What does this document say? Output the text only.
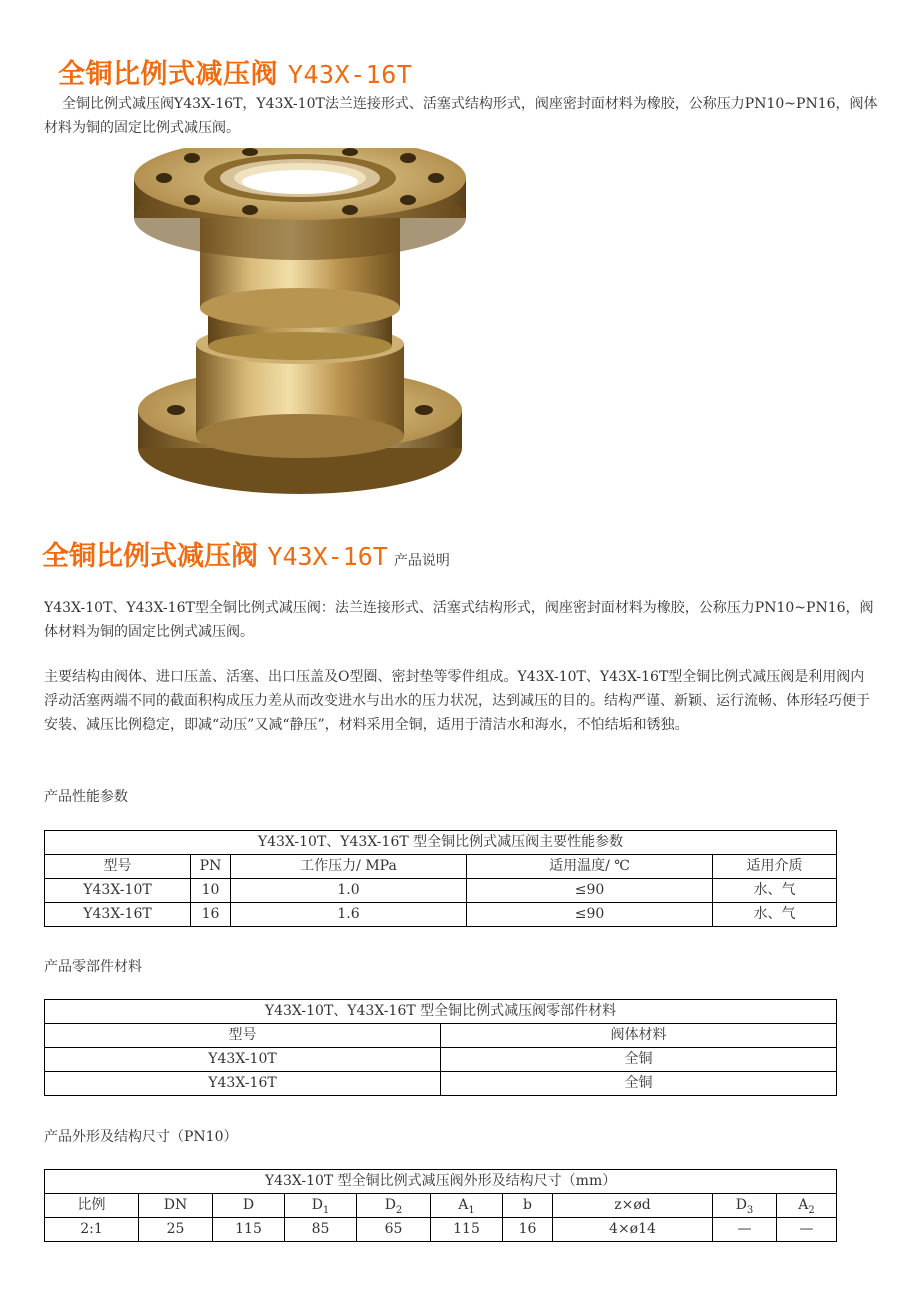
全铜比例式减压阀 Y43X-16T
全铜比例式减压阀Y43X-16T，Y43X-10T法兰连接形式、活塞式结构形式，阀座密封面材料为橡胶，公称压力PN10~PN16，阀体材料为铜的固定比例式减压阀。
全铜比例式减压阀 Y43X-16T 产品说明
Y43X-10T、Y43X-16T型全铜比例式减压阀：法兰连接形式、活塞式结构形式，阀座密封面材料为橡胶，公称压力PN10~PN16，阀体材料为铜的固定比例式减压阀。
主要结构由阀体、进口压盖、活塞、出口压盖及O型圈、密封垫等零件组成。Y43X-10T、Y43X-16T型全铜比例式减压阀是利用阀内浮动活塞两端不同的截面积构成压力差从而改变进水与出水的压力状况，达到减压的目的。结构严谨、新颖、运行流畅、体形轻巧便于安装、减压比例稳定，即减“动压”又减“静压”，材料采用全铜，适用于清洁水和海水，不怕结垢和锈独。
产品性能参数
Y43X-10T、Y43X-16T 型全铜比例式减压阀主要性能参数				
型号	PN	工作压力/ MPa	适用温度/ ℃	适用介质
Y43X-10T	10	1.0	≤90	水、气
Y43X-16T	16	1.6	≤90	水、气
产品零部件材料
Y43X-10T、Y43X-16T 型全铜比例式减压阀零部件材料	
型号	阀体材料
Y43X-10T	全铜
Y43X-16T	全铜
产品外形及结构尺寸（PN10）
Y43X-10T 型全铜比例式减压阀外形及结构尺寸（mm）									
比例	DN	D	$D_1$	$D_2$	$A_1$	b	z×ød	$D_3$	$A_2$
2:1	25	115	85	65	115	16	4×ø14	—	—
